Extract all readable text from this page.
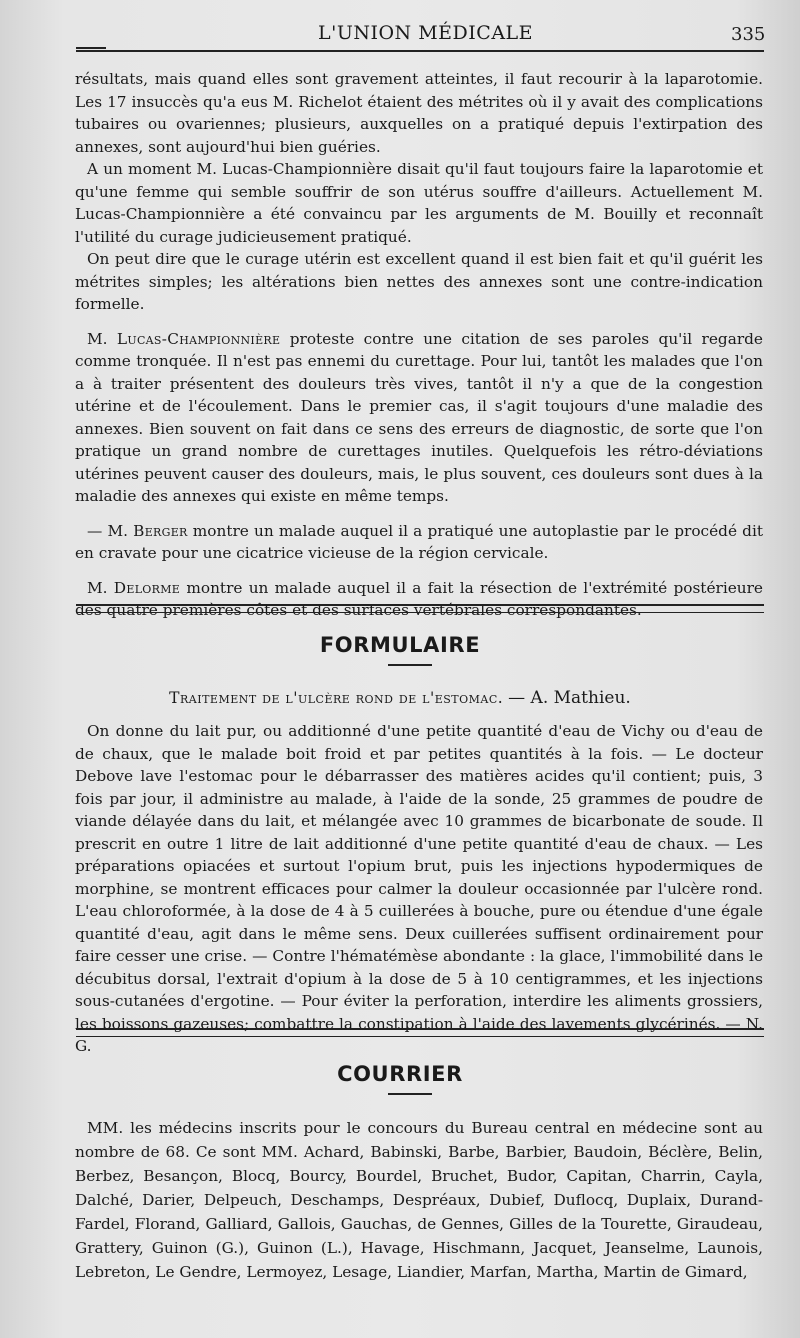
L'UNION MÉDICALE	335

résultats, mais quand elles sont gravement atteintes, il faut recourir à la laparotomie. Les 17 insuccès qu'a eus M. Richelot étaient des métrites où il y avait des complications tubaires ou ovariennes; plusieurs, auxquelles on a pratiqué depuis l'extirpation des annexes, sont aujourd'hui bien guéries.

A un moment M. Lucas-Championnière disait qu'il faut toujours faire la laparotomie et qu'une femme qui semble souffrir de son utérus souffre d'ailleurs. Actuellement M. Lucas-Championnière a été convaincu par les arguments de M. Bouilly et reconnaît l'utilité du curage judicieusement pratiqué.

On peut dire que le curage utérin est excellent quand il est bien fait et qu'il guérit les métrites simples; les altérations bien nettes des annexes sont une contre-indication formelle.

M. Lucas-Championnière proteste contre une citation de ses paroles qu'il regarde comme tronquée. Il n'est pas ennemi du curettage. Pour lui, tantôt les malades que l'on a à traiter présentent des douleurs très vives, tantôt il n'y a que de la congestion utérine et de l'écoulement. Dans le premier cas, il s'agit toujours d'une maladie des annexes. Bien souvent on fait dans ce sens des erreurs de diagnostic, de sorte que l'on pratique un grand nombre de curettages inutiles. Quelquefois les rétro-déviations utérines peuvent causer des douleurs, mais, le plus souvent, ces douleurs sont dues à la maladie des annexes qui existe en même temps.

— M. Berger montre un malade auquel il a pratiqué une autoplastie par le procédé dit en cravate pour une cicatrice vicieuse de la région cervicale.

M. Delorme montre un malade auquel il a fait la résection de l'extrémité postérieure des quatre premières côtes et des surfaces vertébrales correspondantes.

FORMULAIRE
Traitement de l'ulcère rond de l'estomac. — A. Mathieu.

On donne du lait pur, ou additionné d'une petite quantité d'eau de Vichy ou d'eau de de chaux, que le malade boit froid et par petites quantités à la fois. — Le docteur Debove lave l'estomac pour le débarrasser des matières acides qu'il contient; puis, 3 fois par jour, il administre au malade, à l'aide de la sonde, 25 grammes de poudre de viande délayée dans du lait, et mélangée avec 10 grammes de bicarbonate de soude. Il prescrit en outre 1 litre de lait additionné d'une petite quantité d'eau de chaux. — Les préparations opiacées et surtout l'opium brut, puis les injections hypodermiques de morphine, se montrent efficaces pour calmer la douleur occasionnée par l'ulcère rond. L'eau chloroformée, à la dose de 4 à 5 cuillerées à bouche, pure ou étendue d'une égale quantité d'eau, agit dans le même sens. Deux cuillerées suffisent ordinairement pour faire cesser une crise. — Contre l'hématémèse abondante : la glace, l'immobilité dans le décubitus dorsal, l'extrait d'opium à la dose de 5 à 10 centigrammes, et les injections sous-cutanées d'ergotine. — Pour éviter la perforation, interdire les aliments grossiers, les boissons gazeuses; combattre la constipation à l'aide des lavements glycérinés. — N. G.

COURRIER

MM. les médecins inscrits pour le concours du Bureau central en médecine sont au nombre de 68. Ce sont MM. Achard, Babinski, Barbe, Barbier, Baudoin, Béclère, Belin, Berbez, Besançon, Blocq, Bourcy, Bourdel, Bruchet, Budor, Capitan, Charrin, Cayla, Dalché, Darier, Delpeuch, Deschamps, Despréaux, Dubief, Duflocq, Duplaix, Durand-Fardel, Florand, Galliard, Gallois, Gauchas, de Gennes, Gilles de la Tourette, Giraudeau, Grattery, Guinon (G.), Guinon (L.), Havage, Hischmann, Jacquet, Jeanselme, Launois, Lebreton, Le Gendre, Lermoyez, Lesage, Liandier, Marfan, Martha, Martin de Gimard,
